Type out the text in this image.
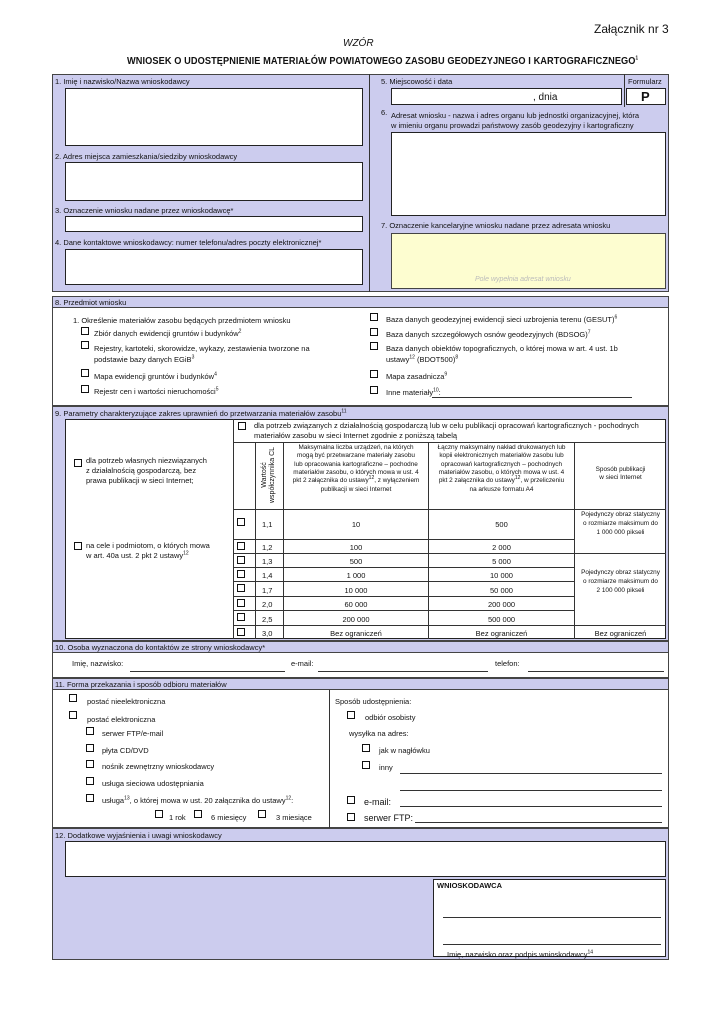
Załącznik nr 3
WZÓR
WNIOSEK O UDOSTĘPNIENIE MATERIAŁÓW POWIATOWEGO ZASOBU GEODEZYJNEGO I KARTOGRAFICZNEGO$^1$
1. Imię i nazwisko/Nazwa wnioskodawcy
2. Adres miejsca zamieszkania/siedziby wnioskodawcy
3. Oznaczenie wniosku nadane przez wnioskodawcę*
4. Dane kontaktowe wnioskodawcy: numer telefonu/adres poczty elektronicznej*
5. Miejscowość i data	Formularz
, dnia	P
6. Adresat wniosku - nazwa i adres organu lub jednostki organizacyjnej, która
w imieniu organu prowadzi państwowy zasób geodezyjny i kartograficzny
7. Oznaczenie kancelaryjne wniosku nadane przez adresata wniosku
Pole wypełnia adresat wniosku
8. Przedmiot wniosku
1. Określenie materiałów zasobu będących przedmiotem wniosku
Zbiór danych ewidencji gruntów i budynków$^2$
Rejestry, kartoteki, skorowidze, wykazy, zestawienia tworzone na
podstawie bazy danych EGiB$^3$
Mapa ewidencji gruntów i budynków$^4$
Rejestr cen i wartości nieruchomości$^5$
Baza danych geodezyjnej ewidencji sieci uzbrojenia terenu (GESUT)$^6$
Baza danych szczegółowych osnów geodezyjnych (BDSOG)$^7$
Baza danych obiektów topograficznych, o której mowa w art. 4 ust. 1b
ustawy$^{12}$ (BDOT500)$^8$
Mapa zasadnicza$^9$
Inne materiały$^{10}$:
9. Parametry charakteryzujące zakres uprawnień do przetwarzania materiałów zasobu$^{11}$
dla potrzeb własnych niezwiązanych
z działalnością gospodarczą, bez
prawa publikacji w sieci Internet;
na cele i podmiotom, o których mowa
w art. 40a ust. 2 pkt 2 ustawy$^{12}$
dla potrzeb związanych z działalnością gospodarczą lub w celu publikacji opracowań kartograficznych - pochodnych
materiałów zasobu w sieci Internet zgodnie z poniższą tabelą
Wartość współczynnika CL	Maksymalna liczba urządzeń, na których
mogą być przetwarzane materiały zasobu
lub opracowania kartograficzne – pochodne
materiałów zasobu, o których mowa w ust. 4
pkt 2 załącznika do ustawy$^{12}$, z wyłączeniem
publikacji w sieci Internet
Łączny maksymalny nakład drukowanych lub
kopii elektronicznych materiałów zasobu lub
opracowań kartograficznych – pochodnych
materiałów zasobu, o których mowa w ust. 4
pkt 2 załącznika do ustawy$^{12}$, w przeliczeniu
na arkusze formatu A4
Sposób publikacji
w sieci Internet
1,1	10	500
1,2	100	2 000
1,3	500	5 000
1,4	1 000	10 000
1,7	10 000	50 000
2,0	60 000	200 000
2,5	200 000	500 000
3,0	Bez ograniczeń	Bez ograniczeń
Pojedynczy obraz statyczny
o rozmiarze maksimum do
1 000 000 pikseli
Pojedynczy obraz statyczny
o rozmiarze maksimum do
2 100 000 pikseli
Bez ograniczeń
10. Osoba wyznaczona do kontaktów ze strony wnioskodawcy*
Imię, nazwisko:	e-mail:	telefon:
11. Forma przekazania i sposób odbioru materiałów
postać nieelektroniczna
postać elektroniczna
serwer FTP/e-mail
płyta CD/DVD
nośnik zewnętrzny wnioskodawcy
usługa sieciowa udostępniania
usługa$^{13}$, o której mowa w ust. 20 załącznika do ustawy$^{12}$:
1 rok	6 miesięcy	3 miesiące
Sposób udostępnienia:
odbiór osobisty
wysyłka na adres:
jak w nagłówku
inny
e-mail:
serwer FTP:
12. Dodatkowe wyjaśnienia i uwagi wnioskodawcy
WNIOSKODAWCA
Imię, nazwisko oraz podpis wnioskodawcy$^{14}$
